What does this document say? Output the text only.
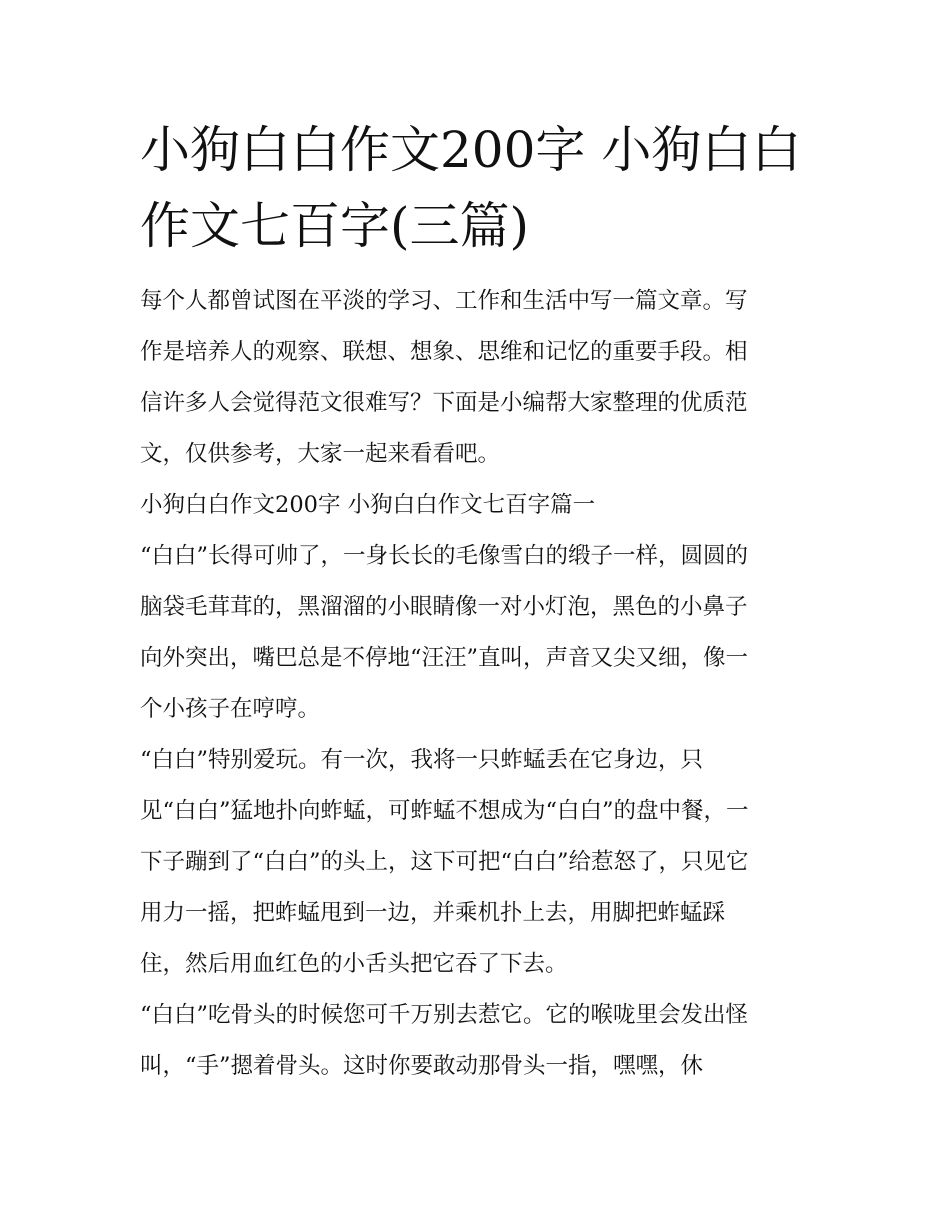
小狗白白作文200字 小狗白白
作文七百字(三篇)
每个人都曾试图在平淡的学习、工作和生活中写一篇文章。写
作是培养人的观察、联想、想象、思维和记忆的重要手段。相
信许多人会觉得范文很难写？下面是小编帮大家整理的优质范
文，仅供参考，大家一起来看看吧。
小狗白白作文200字 小狗白白作文七百字篇一
“白白”长得可帅了，一身长长的毛像雪白的缎子一样，圆圆的
脑袋毛茸茸的，黑溜溜的小眼睛像一对小灯泡，黑色的小鼻子
向外突出，嘴巴总是不停地“汪汪”直叫，声音又尖又细，像一
个小孩子在哼哼。
“白白”特别爱玩。有一次，我将一只蚱蜢丢在它身边，只
见“白白”猛地扑向蚱蜢，可蚱蜢不想成为“白白”的盘中餐，一
下子蹦到了“白白”的头上，这下可把“白白”给惹怒了，只见它
用力一摇，把蚱蜢甩到一边，并乘机扑上去，用脚把蚱蜢踩
住，然后用血红色的小舌头把它吞了下去。
“白白”吃骨头的时候您可千万别去惹它。它的喉咙里会发出怪
叫，“手”摁着骨头。这时你要敢动那骨头一指，嘿嘿，休
